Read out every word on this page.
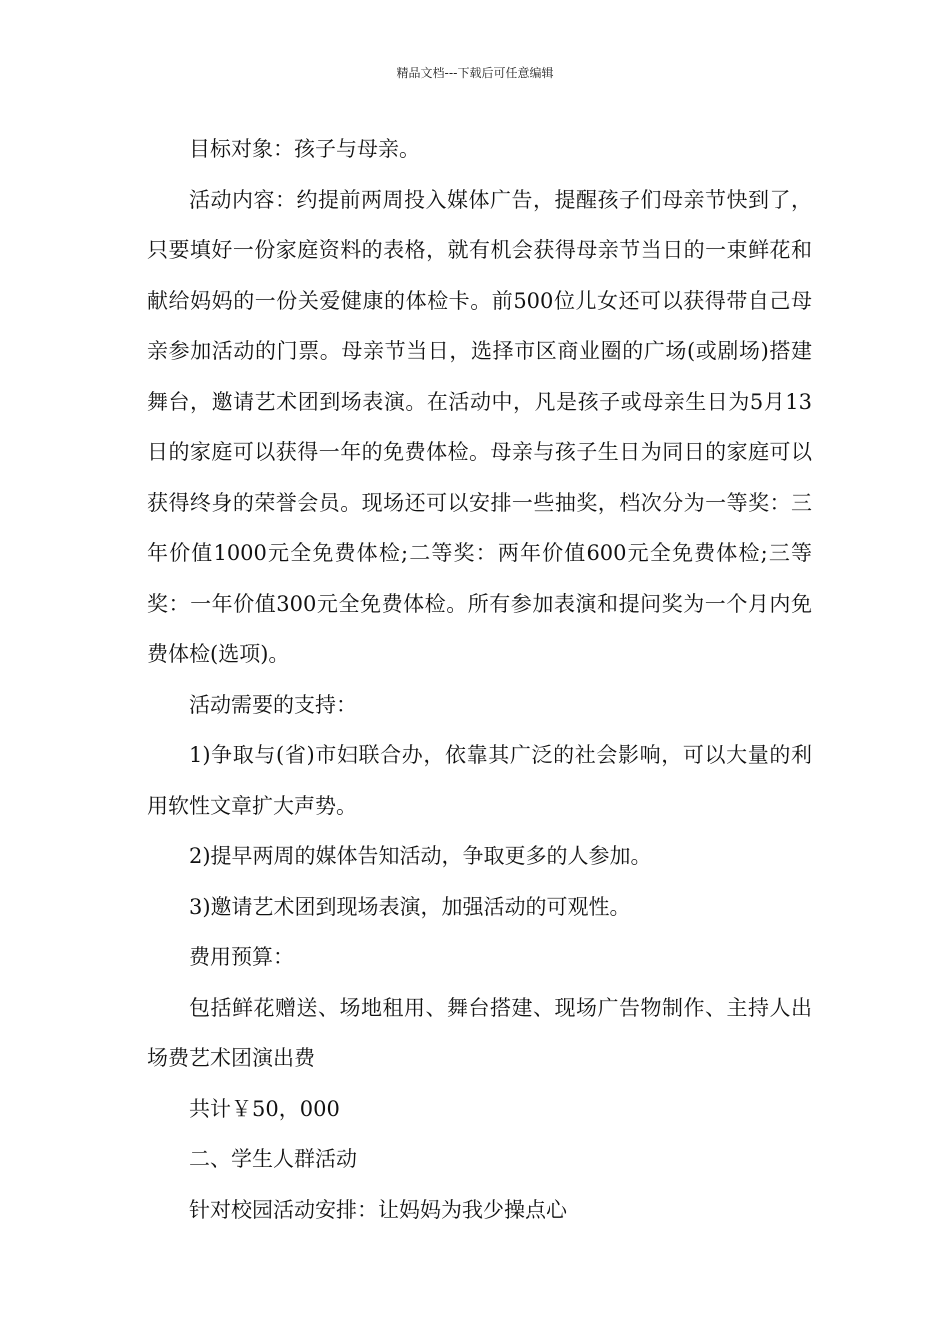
精品文档---下载后可任意编辑

目标对象：孩子与母亲。

活动内容：约提前两周投入媒体广告，提醒孩子们母亲节快到了，只要填好一份家庭资料的表格，就有机会获得母亲节当日的一束鲜花和献给妈妈的一份关爱健康的体检卡。前500位儿女还可以获得带自己母亲参加活动的门票。母亲节当日，选择市区商业圈的广场(或剧场)搭建舞台，邀请艺术团到场表演。在活动中，凡是孩子或母亲生日为5月13日的家庭可以获得一年的免费体检。母亲与孩子生日为同日的家庭可以获得终身的荣誉会员。现场还可以安排一些抽奖，档次分为一等奖：三年价值1000元全免费体检;二等奖：两年价值600元全免费体检;三等奖：一年价值300元全免费体检。所有参加表演和提问奖为一个月内免费体检(选项)。

活动需要的支持：

1)争取与(省)市妇联合办，依靠其广泛的社会影响，可以大量的利用软性文章扩大声势。

2)提早两周的媒体告知活动，争取更多的人参加。

3)邀请艺术团到现场表演，加强活动的可观性。

费用预算：

包括鲜花赠送、场地租用、舞台搭建、现场广告物制作、主持人出场费艺术团演出费

共计￥50，000

二、学生人群活动

针对校园活动安排：让妈妈为我少操点心
